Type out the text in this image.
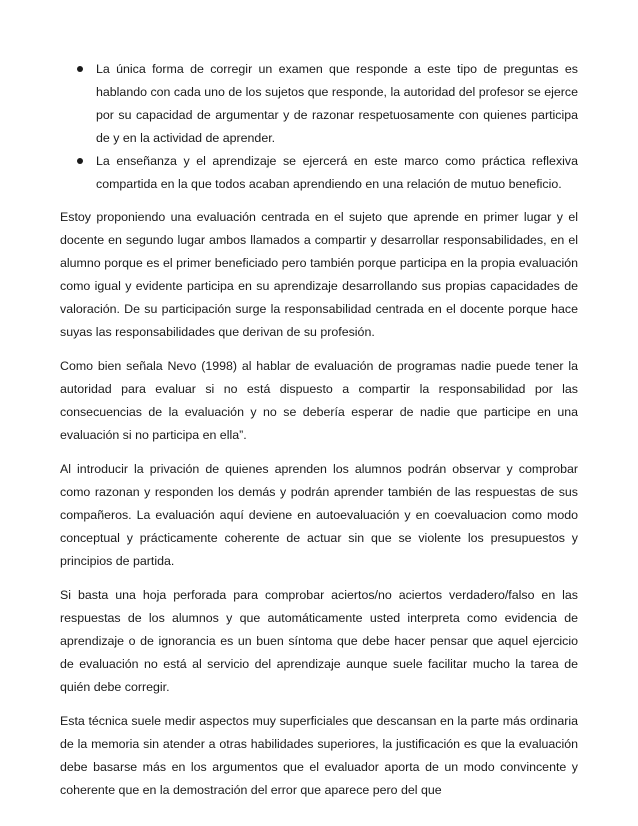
La única forma de corregir un examen que responde a este tipo de preguntas es hablando con cada uno de los sujetos que responde, la autoridad del profesor se ejerce por su capacidad de argumentar y de razonar respetuosamente con quienes participa de y en la actividad de aprender.
La enseñanza y el aprendizaje se ejercerá en este marco como práctica reflexiva compartida en la que todos acaban aprendiendo en una relación de mutuo beneficio.

Estoy proponiendo una evaluación centrada en el sujeto que aprende en primer lugar y el docente en segundo lugar ambos llamados a compartir y desarrollar responsabilidades, en el alumno porque es el primer beneficiado pero también porque participa en la propia evaluación como igual y evidente participa en su aprendizaje desarrollando sus propias capacidades de valoración. De su participación surge la responsabilidad centrada en el docente porque hace suyas las responsabilidades que derivan de su profesión.

Como bien señala Nevo (1998) al hablar de evaluación de programas nadie puede tener la autoridad para evaluar si no está dispuesto a compartir la responsabilidad por las consecuencias de la evaluación y no se debería esperar de nadie que participe en una evaluación si no participa en ella”.

Al introducir la privación de quienes aprenden los alumnos podrán observar y comprobar como razonan y responden los demás y podrán aprender también de las respuestas de sus compañeros. La evaluación aquí deviene en autoevaluación y en coevaluacion como modo conceptual y prácticamente coherente de actuar sin que se violente los presupuestos y principios de partida.

Si basta una hoja perforada para comprobar aciertos/no aciertos verdadero/falso en las respuestas de los alumnos y que automáticamente usted interpreta como evidencia de aprendizaje o de ignorancia es un buen síntoma que debe hacer pensar que aquel ejercicio de evaluación no está al servicio del aprendizaje aunque suele facilitar mucho la tarea de quién debe corregir.

Esta técnica suele medir aspectos muy superficiales que descansan en la parte más ordinaria de la memoria sin atender a otras habilidades superiores, la justificación es que la evaluación debe basarse más en los argumentos que el evaluador aporta de un modo convincente y coherente que en la demostración del error que aparece pero del que
